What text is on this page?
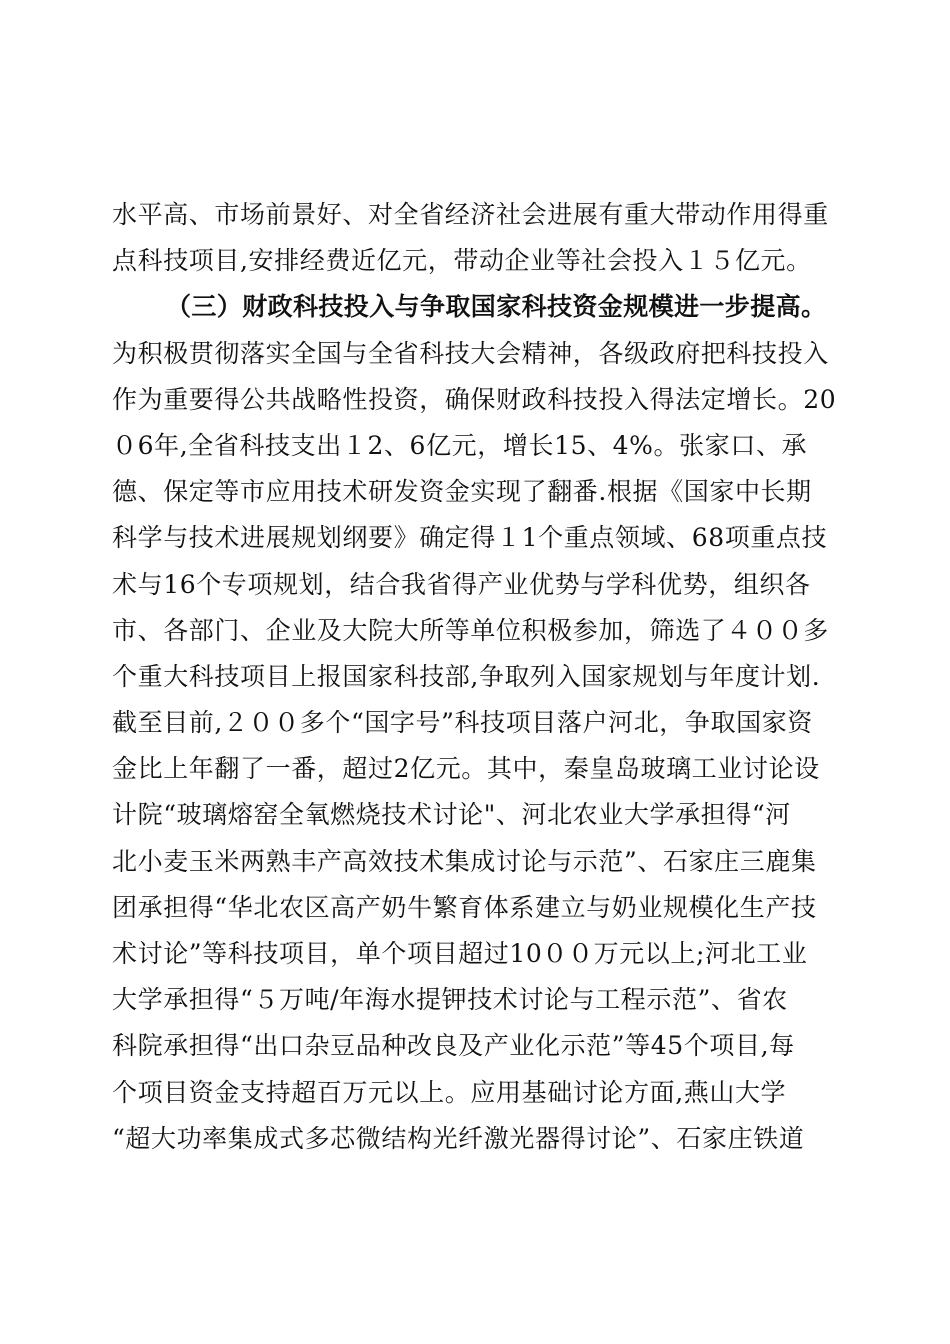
水平高、市场前景好、对全省经济社会进展有重大带动作用得重
点科技项目,安排经费近亿元，带动企业等社会投入１５亿元。
（三）财政科技投入与争取国家科技资金规模进一步提高。
为积极贯彻落实全国与全省科技大会精神，各级政府把科技投入
作为重要得公共战略性投资，确保财政科技投入得法定增长。20
０6年,全省科技支出１2、6亿元，增长15、4%。张家口、承
德、保定等市应用技术研发资金实现了翻番.根据《国家中长期
科学与技术进展规划纲要》确定得１1个重点领域、68项重点技
术与16个专项规划，结合我省得产业优势与学科优势，组织各
市、各部门、企业及大院大所等单位积极参加，筛选了４００多
个重大科技项目上报国家科技部,争取列入国家规划与年度计划.
截至目前,２００多个“国字号”科技项目落户河北，争取国家资
金比上年翻了一番，超过2亿元。其中，秦皇岛玻璃工业讨论设
计院“玻璃熔窑全氧燃烧技术讨论"、河北农业大学承担得“河
北小麦玉米两熟丰产高效技术集成讨论与示范”、石家庄三鹿集
团承担得“华北农区高产奶牛繁育体系建立与奶业规模化生产技
术讨论”等科技项目，单个项目超过10００万元以上;河北工业
大学承担得“５万吨/年海水提钾技术讨论与工程示范”、省农
科院承担得“出口杂豆品种改良及产业化示范”等45个项目,每
个项目资金支持超百万元以上。应用基础讨论方面,燕山大学
“超大功率集成式多芯微结构光纤激光器得讨论”、石家庄铁道
